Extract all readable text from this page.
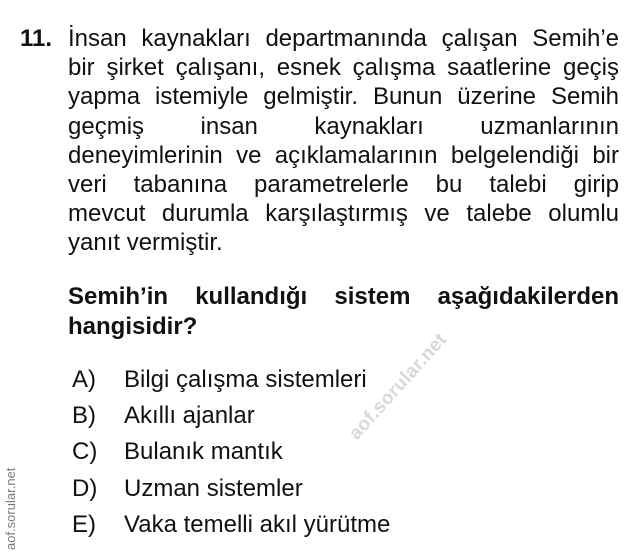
11. İnsan kaynakları departmanında çalışan Semih’e
bir şirket çalışanı, esnek çalışma saatlerine geçiş
yapma istemiyle gelmiştir. Bunun üzerine Semih
geçmiş insan kaynakları uzmanlarının
deneyimlerinin ve açıklamalarının belgelendiği bir
veri tabanına parametrelerle bu talebi girip
mevcut durumla karşılaştırmış ve talebe olumlu
yanıt vermiştir.
Semih’in kullandığı sistem aşağıdakilerden
hangisidir?
A)	Bilgi çalışma sistemleri
B)	Akıllı ajanlar
C)	Bulanık mantık
D)	Uzman sistemler
E)	Vaka temelli akıl yürütme
aof.sorular.net
aof.sorular.net
